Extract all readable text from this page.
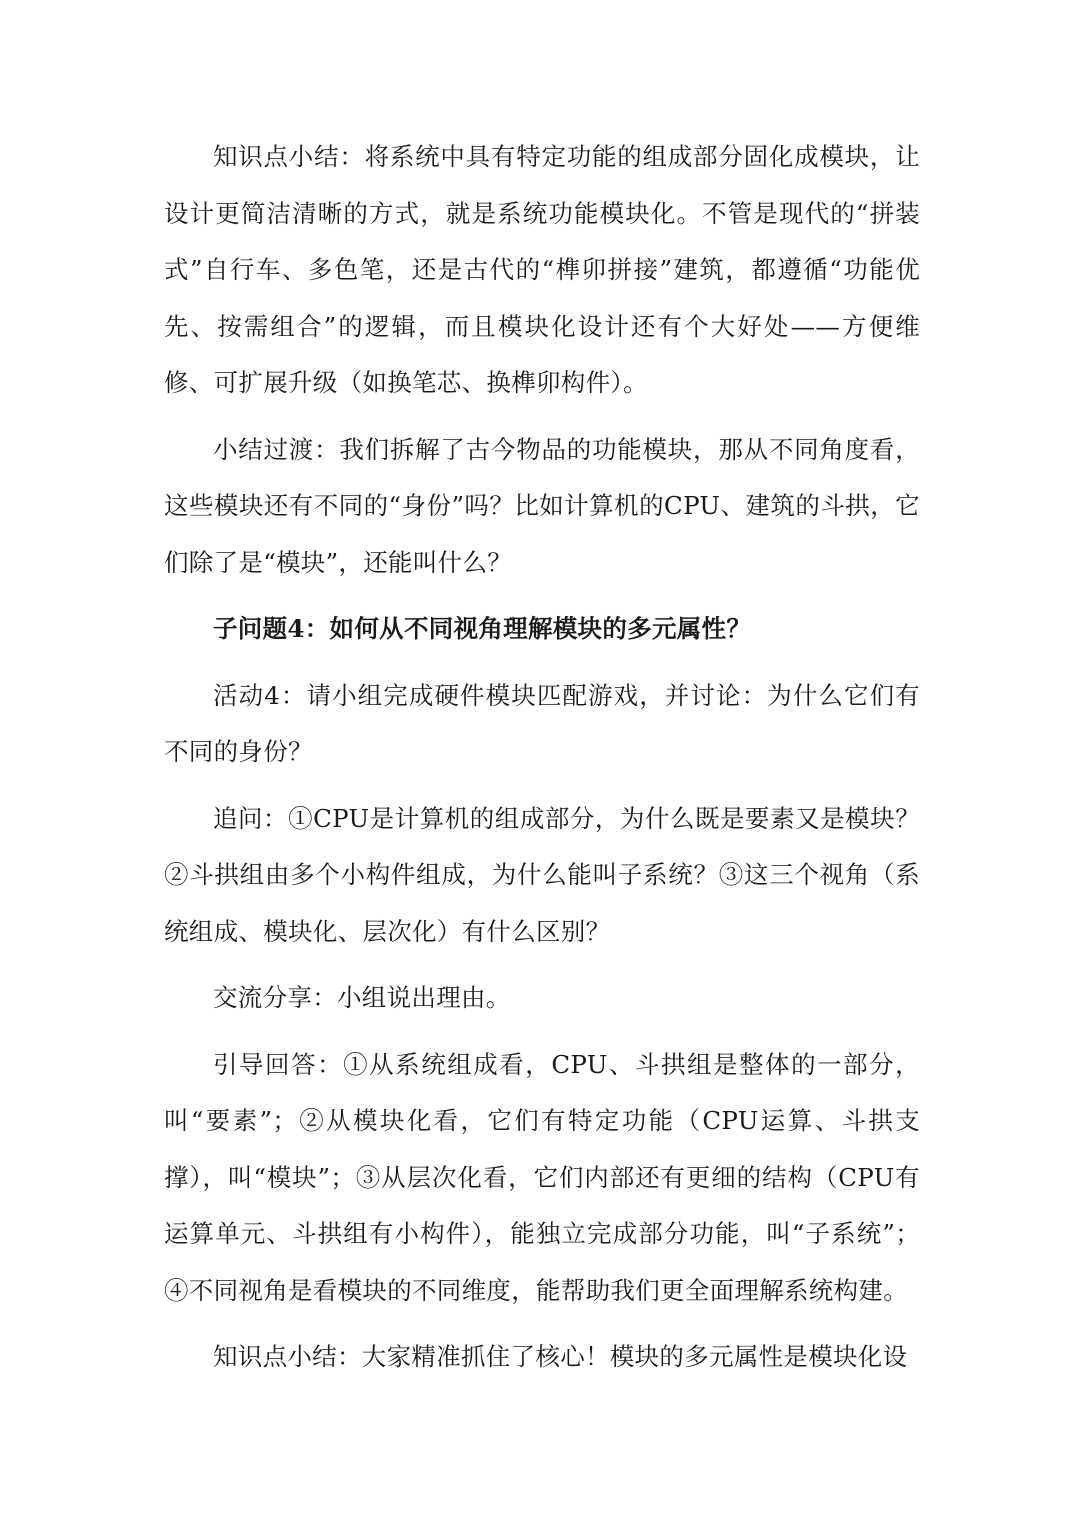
知识点小结：将系统中具有特定功能的组成部分固化成模块，让设计更简洁清晰的方式，就是系统功能模块化。不管是现代的“拼装式”自行车、多色笔，还是古代的“榫卯拼接”建筑，都遵循“功能优先、按需组合”的逻辑，而且模块化设计还有个大好处——方便维修、可扩展升级（如换笔芯、换榫卯构件）。

小结过渡：我们拆解了古今物品的功能模块，那从不同角度看，这些模块还有不同的“身份”吗？比如计算机的CPU、建筑的斗拱，它们除了是“模块”，还能叫什么？

子问题4：如何从不同视角理解模块的多元属性？

活动4：请小组完成硬件模块匹配游戏，并讨论：为什么它们有不同的身份？

追问：①CPU是计算机的组成部分，为什么既是要素又是模块？②斗拱组由多个小构件组成，为什么能叫子系统？③这三个视角（系统组成、模块化、层次化）有什么区别？

交流分享：小组说出理由。

引导回答：①从系统组成看，CPU、斗拱组是整体的一部分，叫“要素”；②从模块化看，它们有特定功能（CPU运算、斗拱支撑），叫“模块”；③从层次化看，它们内部还有更细的结构（CPU有运算单元、斗拱组有小构件），能独立完成部分功能，叫“子系统”；④不同视角是看模块的不同维度，能帮助我们更全面理解系统构建。

知识点小结：大家精准抓住了核心！模块的多元属性是模块化设
